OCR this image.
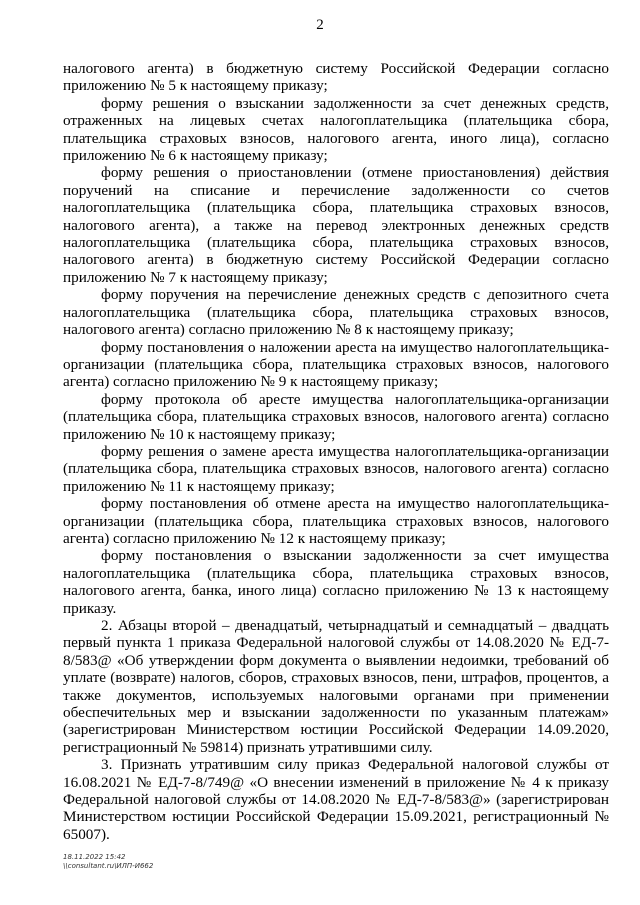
2

налогового агента) в бюджетную систему Российской Федерации согласно приложению № 5 к настоящему приказу;

форму решения о взыскании задолженности за счет денежных средств, отраженных на лицевых счетах налогоплательщика (плательщика сбора, плательщика страховых взносов, налогового агента, иного лица), согласно приложению № 6 к настоящему приказу;

форму решения о приостановлении (отмене приостановления) действия поручений на списание и перечисление задолженности со счетов налогоплательщика (плательщика сбора, плательщика страховых взносов, налогового агента), а также на перевод электронных денежных средств налогоплательщика (плательщика сбора, плательщика страховых взносов, налогового агента) в бюджетную систему Российской Федерации согласно приложению № 7 к настоящему приказу;

форму поручения на перечисление денежных средств с депозитного счета налогоплательщика (плательщика сбора, плательщика страховых взносов, налогового агента) согласно приложению № 8 к настоящему приказу;

форму постановления о наложении ареста на имущество налогоплательщика-организации (плательщика сбора, плательщика страховых взносов, налогового агента) согласно приложению № 9 к настоящему приказу;

форму протокола об аресте имущества налогоплательщика-организации (плательщика сбора, плательщика страховых взносов, налогового агента) согласно приложению № 10 к настоящему приказу;

форму решения о замене ареста имущества налогоплательщика-организации (плательщика сбора, плательщика страховых взносов, налогового агента) согласно приложению № 11 к настоящему приказу;

форму постановления об отмене ареста на имущество налогоплательщика-организации (плательщика сбора, плательщика страховых взносов, налогового агента) согласно приложению № 12 к настоящему приказу;

форму постановления о взыскании задолженности за счет имущества налогоплательщика (плательщика сбора, плательщика страховых взносов, налогового агента, банка, иного лица) согласно приложению № 13 к настоящему приказу.

2. Абзацы второй – двенадцатый, четырнадцатый и семнадцатый – двадцать первый пункта 1 приказа Федеральной налоговой службы от 14.08.2020 № ЕД-7-8/583@ «Об утверждении форм документа о выявлении недоимки, требований об уплате (возврате) налогов, сборов, страховых взносов, пени, штрафов, процентов, а также документов, используемых налоговыми органами при применении обеспечительных мер и взыскании задолженности по указанным платежам» (зарегистрирован Министерством юстиции Российской Федерации 14.09.2020, регистрационный № 59814) признать утратившими силу.

3. Признать утратившим силу приказ Федеральной налоговой службы от 16.08.2021 № ЕД-7-8/749@ «О внесении изменений в приложение № 4 к приказу Федеральной налоговой службы от 14.08.2020 № ЕД-7-8/583@» (зарегистрирован Министерством юстиции Российской Федерации 15.09.2021, регистрационный № 65007).

18.11.2022 15:42
\\consultant.ru\ИЛП-И662
